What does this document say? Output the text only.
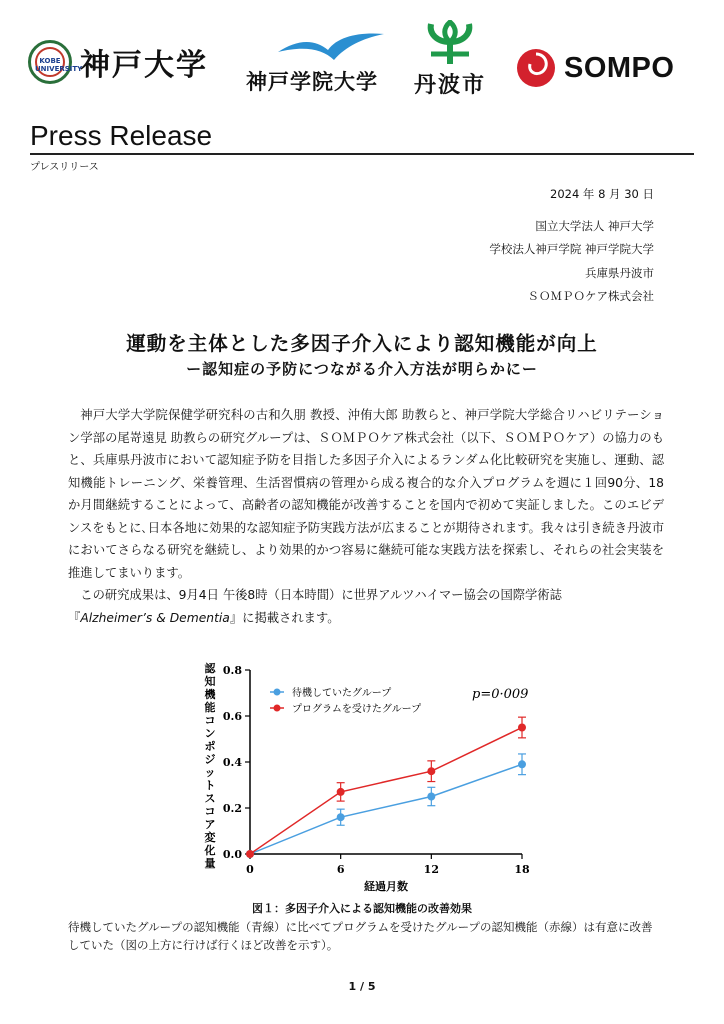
KOBE UNIVERSITY
神戸大学 神戸学院大学 丹波市
SOMPO
Press Release
プレスリリース
2024 年 8 月 30 日
国立大学法人 神戸大学
学校法人神戸学院 神戸学院大学
兵庫県丹波市
ＳＯＭＰＯケア株式会社
運動を主体とした多因子介入により認知機能が向上
ー認知症の予防につながる介入方法が明らかにー

神戸大学大学院保健学研究科の古和久朋 教授、沖侑大郎 助教らと、神戸学院大学総合リハビリテーション学部の尾嵜遠見 助教らの研究グループは、ＳＯＭＰＯケア株式会社（以下、ＳＯＭＰＯケア）の協力のもと、兵庫県丹波市において認知症予防を目指した多因子介入によるランダム化比較研究を実施し、運動、認知機能トレーニング、栄養管理、生活習慣病の管理から成る複合的な介入プログラムを週に１回90分、18か月間継続することによって、高齢者の認知機能が改善することを国内で初めて実証しました。このエビデンスをもとに､日本各地に効果的な認知症予防実践方法が広まることが期待されます。我々は引き続き丹波市においてさらなる研究を継続し、より効果的かつ容易に継続可能な実践方法を探索し、それらの社会実装を推進してまいります。

この研究成果は、9月4日 午後8時（日本時間）に世界アルツハイマー協会の国際学術誌

『Alzheimer’s & Dementia』に掲載されます。

0.0
0.2
0.4
0.6
0.8
0	6	12	18
経過月数
認知機能コンポジットスコア変化量
待機していたグループ
プログラムを受けたグループ
p=0·009
図１：多因子介入による認知機能の改善効果
待機していたグループの認知機能（青線）に比べてプログラムを受けたグループの認知機能（赤線）は有意に改善していた（図の上方に行けば行くほど改善を示す）。
1 / 5
